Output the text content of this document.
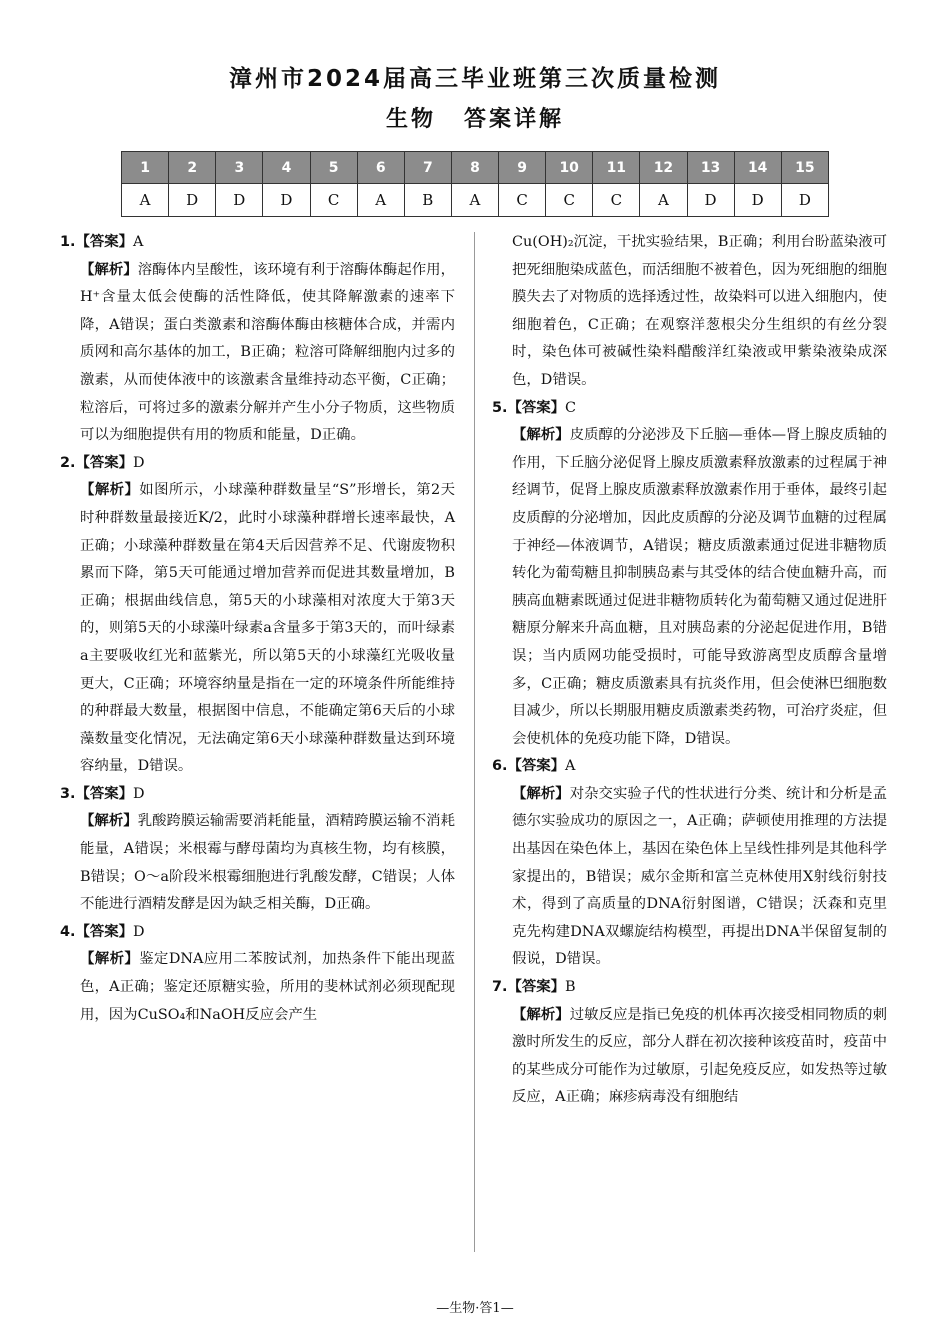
漳州市2024届高三毕业班第三次质量检测
生物 答案详解
1	2	3	4	5	6	7	8	9	10	11	12	13	14	15
A	D	D	D	C	A	B	A	C	C	C	A	D	D	D
1.【答案】A
【解析】溶酶体内呈酸性，该环境有利于溶酶体酶起作用，H⁺含量太低会使酶的活性降低，使其降解激素的速率下降，A错误；蛋白类激素和溶酶体酶由核糖体合成，并需内质网和高尔基体的加工，B正确；粒溶可降解细胞内过多的激素，从而使体液中的该激素含量维持动态平衡，C正确；粒溶后，可将过多的激素分解并产生小分子物质，这些物质可以为细胞提供有用的物质和能量，D正确。
2.【答案】D
【解析】如图所示，小球藻种群数量呈“S”形增长，第2天时种群数量最接近K/2，此时小球藻种群增长速率最快，A正确；小球藻种群数量在第4天后因营养不足、代谢废物积累而下降，第5天可能通过增加营养而促进其数量增加，B正确；根据曲线信息，第5天的小球藻相对浓度大于第3天的，则第5天的小球藻叶绿素a含量多于第3天的，而叶绿素a主要吸收红光和蓝紫光，所以第5天的小球藻红光吸收量更大，C正确；环境容纳量是指在一定的环境条件所能维持的种群最大数量，根据图中信息，不能确定第6天后的小球藻数量变化情况，无法确定第6天小球藻种群数量达到环境容纳量，D错误。
3.【答案】D
【解析】乳酸跨膜运输需要消耗能量，酒精跨膜运输不消耗能量，A错误；米根霉与酵母菌均为真核生物，均有核膜，B错误；O～a阶段米根霉细胞进行乳酸发酵，C错误；人体不能进行酒精发酵是因为缺乏相关酶，D正确。
4.【答案】D
【解析】鉴定DNA应用二苯胺试剂，加热条件下能出现蓝色，A正确；鉴定还原糖实验，所用的斐林试剂必须现配现用，因为CuSO₄和NaOH反应会产生
Cu(OH)₂沉淀，干扰实验结果，B正确；利用台盼蓝染液可把死细胞染成蓝色，而活细胞不被着色，因为死细胞的细胞膜失去了对物质的选择透过性，故染料可以进入细胞内，使细胞着色，C正确；在观察洋葱根尖分生组织的有丝分裂时，染色体可被碱性染料醋酸洋红染液或甲紫染液染成深色，D错误。
5.【答案】C
【解析】皮质醇的分泌涉及下丘脑—垂体—肾上腺皮质轴的作用，下丘脑分泌促肾上腺皮质激素释放激素的过程属于神经调节，促肾上腺皮质激素释放激素作用于垂体，最终引起皮质醇的分泌增加，因此皮质醇的分泌及调节血糖的过程属于神经—体液调节，A错误；糖皮质激素通过促进非糖物质转化为葡萄糖且抑制胰岛素与其受体的结合使血糖升高，而胰高血糖素既通过促进非糖物质转化为葡萄糖又通过促进肝糖原分解来升高血糖，且对胰岛素的分泌起促进作用，B错误；当内质网功能受损时，可能导致游离型皮质醇含量增多，C正确；糖皮质激素具有抗炎作用，但会使淋巴细胞数目减少，所以长期服用糖皮质激素类药物，可治疗炎症，但会使机体的免疫功能下降，D错误。
6.【答案】A
【解析】对杂交实验子代的性状进行分类、统计和分析是孟德尔实验成功的原因之一，A正确；萨顿使用推理的方法提出基因在染色体上，基因在染色体上呈线性排列是其他科学家提出的，B错误；威尔金斯和富兰克林使用X射线衍射技术，得到了高质量的DNA衍射图谱，C错误；沃森和克里克先构建DNA双螺旋结构模型，再提出DNA半保留复制的假说，D错误。
7.【答案】B
【解析】过敏反应是指已免疫的机体再次接受相同物质的刺激时所发生的反应，部分人群在初次接种该疫苗时，疫苗中的某些成分可能作为过敏原，引起免疫反应，如发热等过敏反应，A正确；麻疹病毒没有细胞结
—生物·答1—
